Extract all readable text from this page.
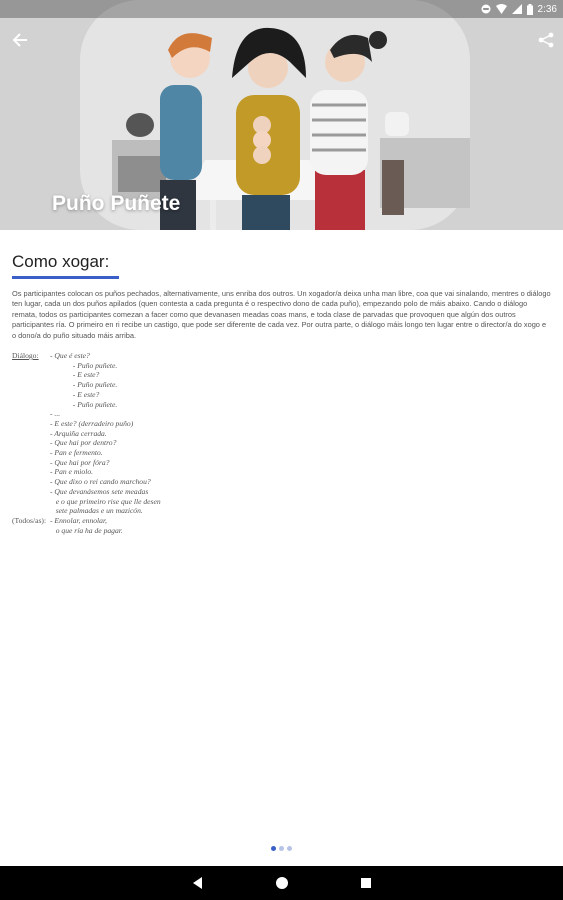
Puño Puñete
2:36
Como xogar:
Os participantes colocan os puños pechados, alternativamente, uns enriba dos outros. Un xogador/a deixa unha man libre, coa que vai sinalando, mentres o diálogo ten lugar, cada un dos puños apilados (quen contesta a cada pregunta é o respectivo dono de cada puño), empezando polo de máis abaixo. Cando o diálogo remata, todos os participantes comezan a facer como que devanasen meadas coas mans, e toda clase de parvadas que provoquen que algún dos outros participantes ría. O primeiro en ri recibe un castigo, que pode ser diferente de cada vez. Por outra parte, o diálogo máis longo ten lugar entre o director/a do xogo e o dono/a do puño situado máis arriba.
Diálogo:	- Que é este?
- Puño puñete.
- E este?
- Puño puñete.
- E este?
- Puño puñete.
- ...
- E este? (derradeiro puño)
- Arquiña cerrada.
- Que hai por dentro?
- Pan e fermento.
- Que hai por fóra?
- Pan e miolo.
- Que dixo o rei cando marchou?
- Que devanásemos sete meadas
e o que primeiro rise que lle desen
sete palmadas e un mazicón.
(Todos/as): - Ennolar, ennolar,
o que ría ha de pagar.
